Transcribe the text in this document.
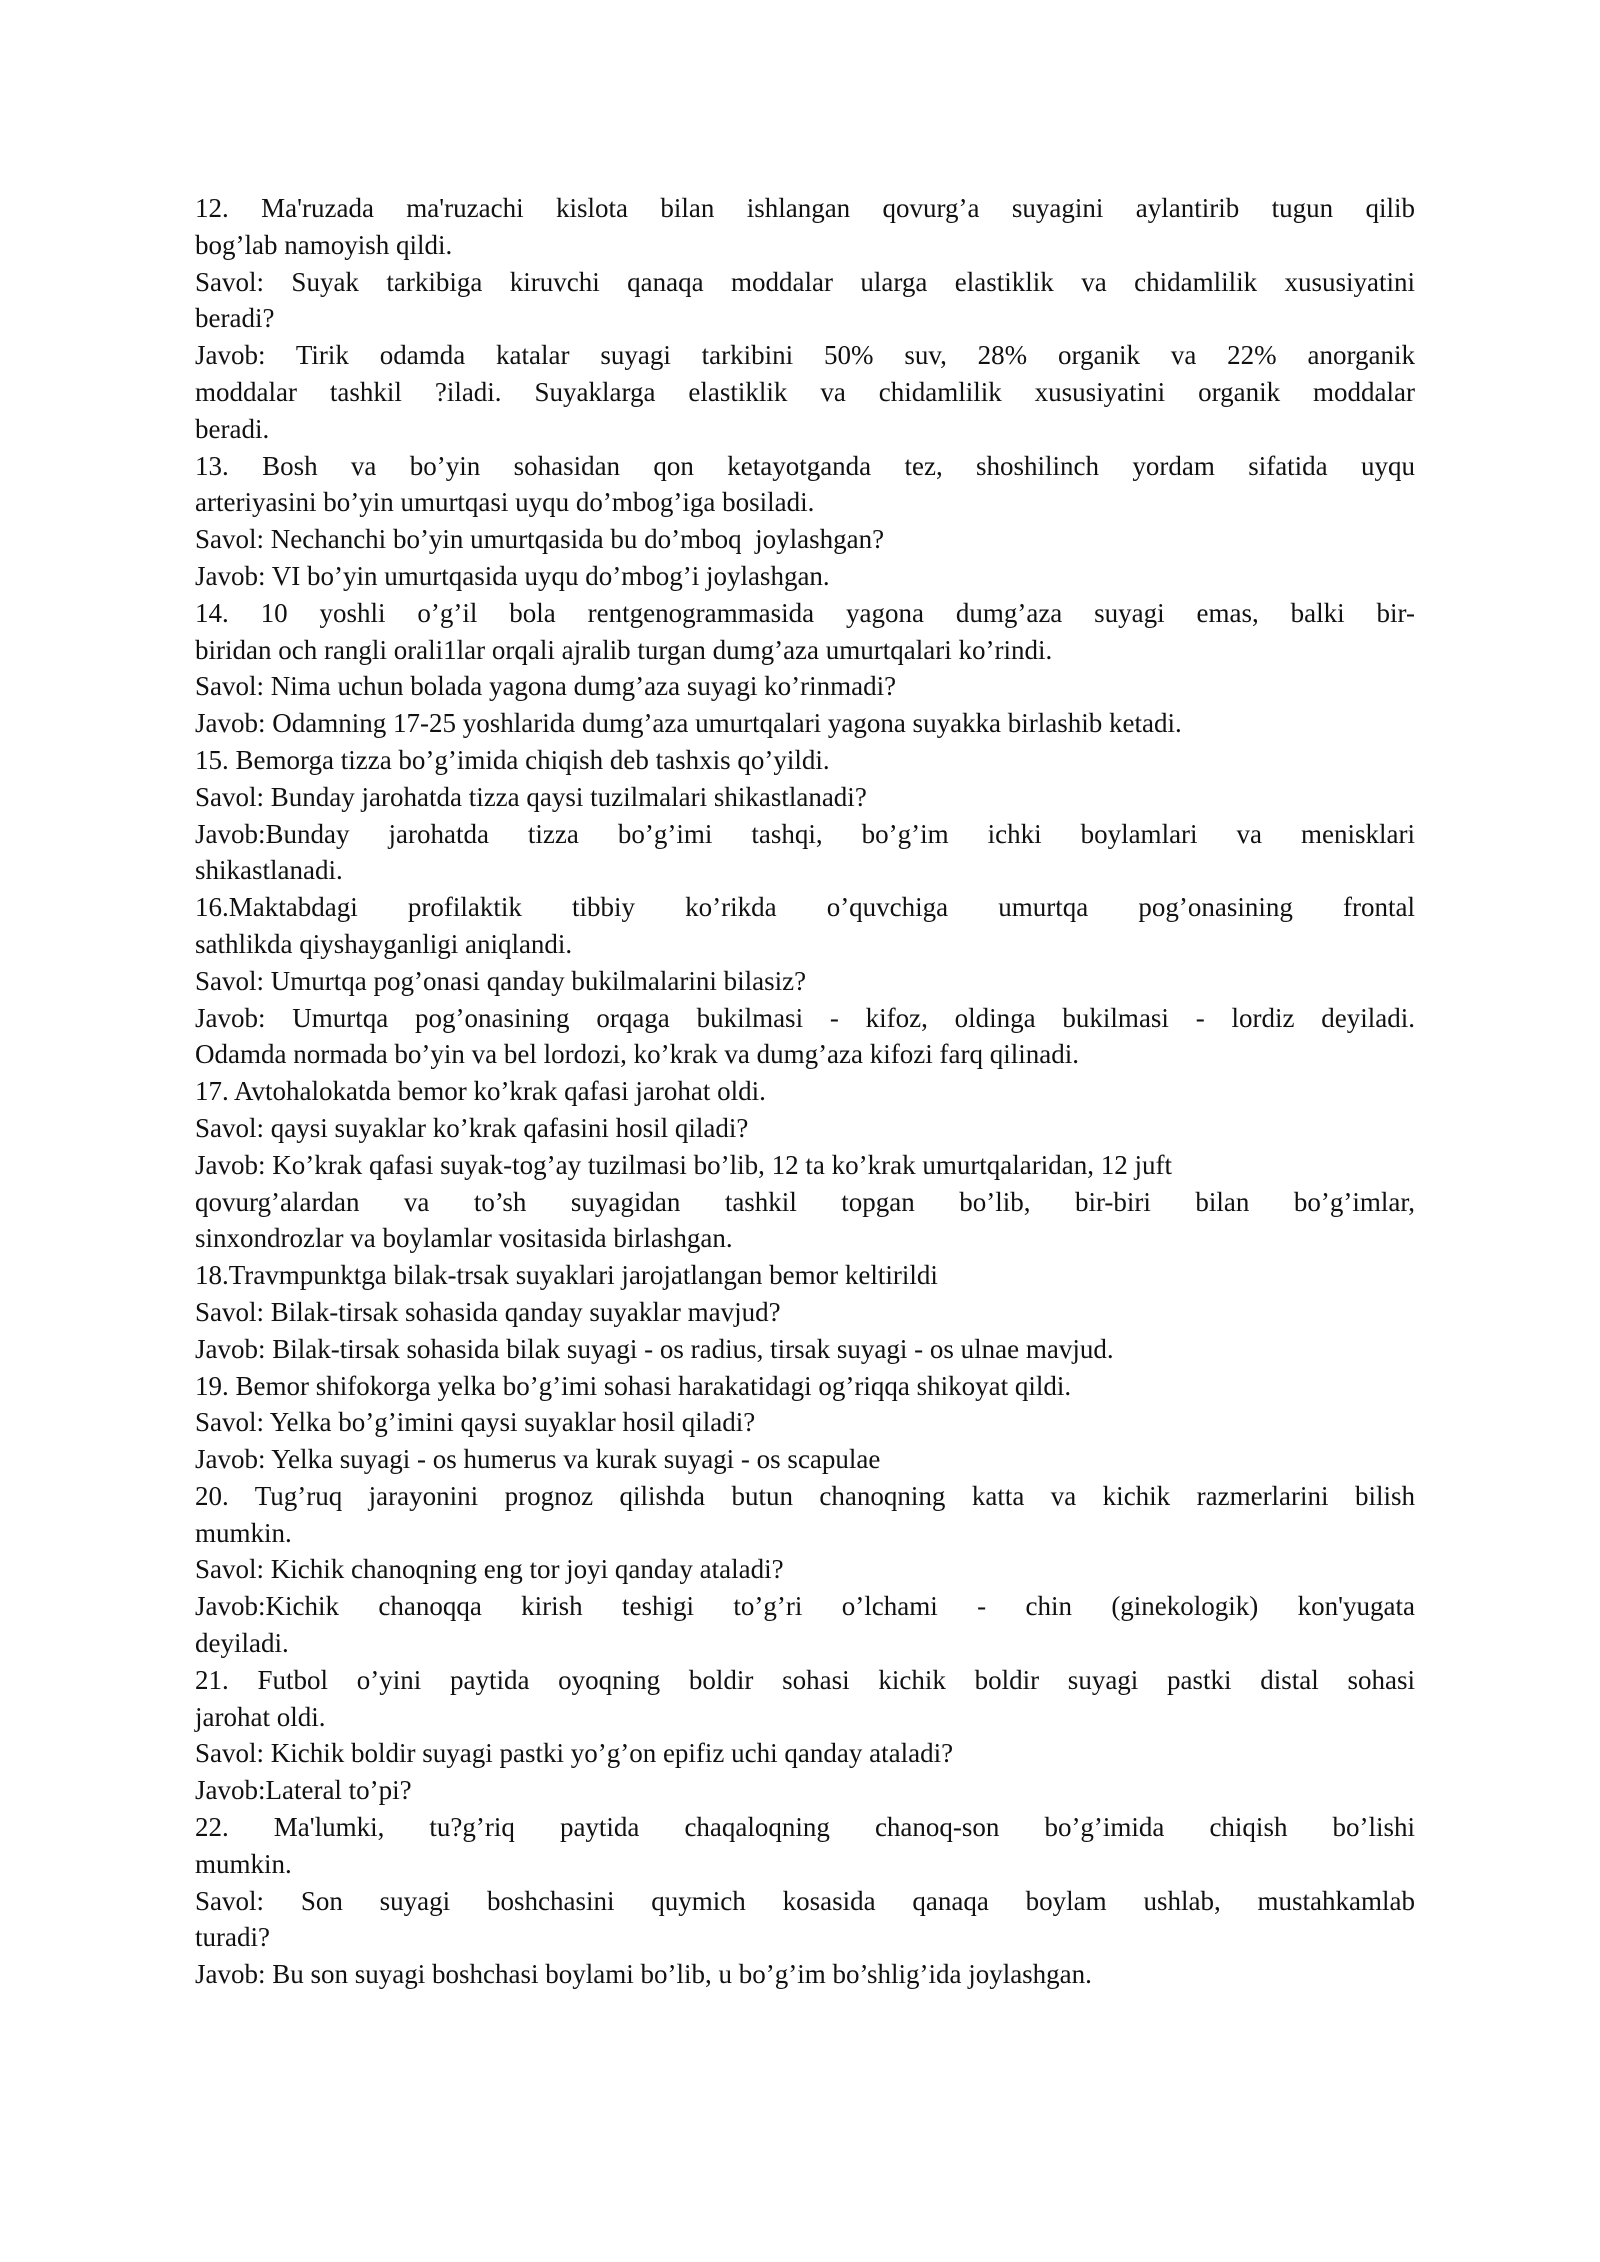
12. Ma'ruzada ma'ruzachi kislota bilan ishlangan qovurg’a suyagini aylantirib tugun qilib

bog’lab namoyish qildi.

Savol: Suyak tarkibiga kiruvchi qanaqa moddalar ularga elastiklik va chidamlilik xususiyatini

beradi?

Javob: Tirik odamda katalar suyagi tarkibini 50% suv, 28% organik va 22% anorganik

moddalar tashkil ?iladi. Suyaklarga elastiklik va chidamlilik xususiyatini organik moddalar

beradi.

13. Bosh va bo’yin sohasidan qon ketayotganda tez, shoshilinch yordam sifatida uyqu

arteriyasini bo’yin umurtqasi uyqu do’mbog’iga bosiladi.

Savol: Nechanchi bo’yin umurtqasida bu do’mboq  joylashgan?

Javob: VI bo’yin umurtqasida uyqu do’mbog’i joylashgan.

14. 10 yoshli o’g’il bola rentgenogrammasida yagona dumg’aza suyagi emas, balki bir-

biridan och rangli orali1lar orqali ajralib turgan dumg’aza umurtqalari ko’rindi.

Savol: Nima uchun bolada yagona dumg’aza suyagi ko’rinmadi?

Javob: Odamning 17-25 yoshlarida dumg’aza umurtqalari yagona suyakka birlashib ketadi.

15. Bemorga tizza bo’g’imida chiqish deb tashxis qo’yildi.

Savol: Bunday jarohatda tizza qaysi tuzilmalari shikastlanadi?

Javob:Bunday jarohatda tizza bo’g’imi tashqi, bo’g’im ichki boylamlari va menisklari

shikastlanadi.

16.Maktabdagi profilaktik tibbiy ko’rikda o’quvchiga umurtqa pog’onasining frontal

sathlikda qiyshayganligi aniqlandi.

Savol: Umurtqa pog’onasi qanday bukilmalarini bilasiz?

Javob: Umurtqa pog’onasining orqaga bukilmasi - kifoz, oldinga bukilmasi - lordiz deyiladi.

Odamda normada bo’yin va bel lordozi, ko’krak va dumg’aza kifozi farq qilinadi.

17. Avtohalokatda bemor ko’krak qafasi jarohat oldi.

Savol: qaysi suyaklar ko’krak qafasini hosil qiladi?

Javob: Ko’krak qafasi suyak-tog’ay tuzilmasi bo’lib, 12 ta ko’krak umurtqalaridan, 12 juft

qovurg’alardan va to’sh suyagidan tashkil topgan bo’lib, bir-biri bilan bo’g’imlar,

sinxondrozlar va boylamlar vositasida birlashgan.

18.Travmpunktga bilak-trsak suyaklari jarojatlangan bemor keltirildi

Savol: Bilak-tirsak sohasida qanday suyaklar mavjud?

Javob: Bilak-tirsak sohasida bilak suyagi - os radius, tirsak suyagi - os ulnae mavjud.

19. Bemor shifokorga yelka bo’g’imi sohasi harakatidagi og’riqqa shikoyat qildi.

Savol: Yelka bo’g’imini qaysi suyaklar hosil qiladi?

Javob: Yelka suyagi - os humerus va kurak suyagi - os scapulae

20. Tug’ruq jarayonini prognoz qilishda butun chanoqning katta va kichik razmerlarini bilish

mumkin.

Savol: Kichik chanoqning eng tor joyi qanday ataladi?

Javob:Kichik chanoqqa kirish teshigi to’g’ri o’lchami - chin (ginekologik) kon'yugata

deyiladi.

21. Futbol o’yini paytida oyoqning boldir sohasi kichik boldir suyagi pastki distal sohasi

jarohat oldi.

Savol: Kichik boldir suyagi pastki yo’g’on epifiz uchi qanday ataladi?

Javob:Lateral to’pi?

22. Ma'lumki, tu?g’riq paytida chaqaloqning chanoq-son bo’g’imida chiqish bo’lishi

mumkin.

Savol: Son suyagi boshchasini quymich kosasida qanaqa boylam ushlab, mustahkamlab

turadi?

Javob: Bu son suyagi boshchasi boylami bo’lib, u bo’g’im bo’shlig’ida joylashgan.
